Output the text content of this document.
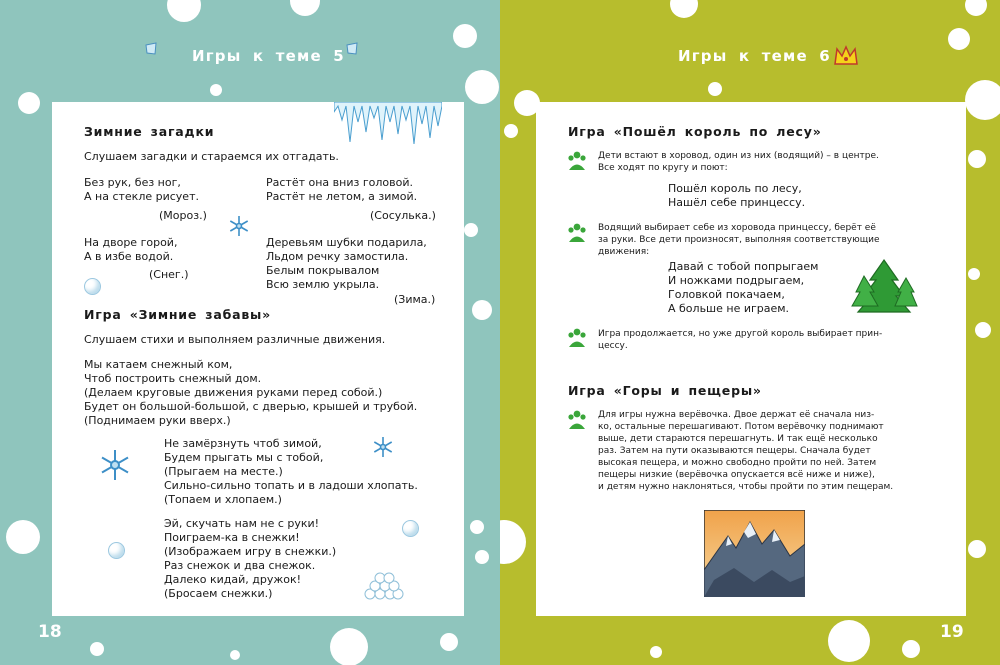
Игры к теме 5
18

Зимние загадки

Слушаем загадки и стараемся их отгадать.

Без рук, без ног,

А на стекле рисует.

(Мороз.)

Растёт она вниз головой.

Растёт не летом, а зимой.

(Сосулька.)

На дворе горой,

А в избе водой.

(Снег.)

Деревьям шубки подарила,

Льдом речку замостила.

Белым покрывалом

Всю землю укрыла.

(Зима.)

Игра «Зимние забавы»

Слушаем стихи и выполняем различные движения.

Мы катаем снежный ком,

Чтоб построить снежный дом.

(Делаем круговые движения руками перед собой.)

Будет он большой-большой, с дверью, крышей и трубой.

(Поднимаем руки вверх.)

Не замёрзнуть чтоб зимой,

Будем прыгать мы с тобой,

(Прыгаем на месте.)

Сильно-сильно топать и в ладоши хлопать.

(Топаем и хлопаем.)

Эй, скучать нам не с руки!

Поиграем-ка в снежки!

(Изображаем игру в снежки.)

Раз снежок и два снежок.

Далеко кидай, дружок!

(Бросаем снежки.)

Игры к теме 6
19

Игра «Пошёл король по лесу»

Дети встают в хоровод, один из них (водящий) – в центре.

Все ходят по кругу и поют:

Пошёл король по лесу,

Нашёл себе принцессу.

Водящий выбирает себе из хоровода принцессу, берёт её

за руки. Все дети произносят, выполняя соответствующие

движения:

Давай с тобой попрыгаем

И ножками подрыгаем,

Головкой покачаем,

А больше не играем.

Игра продолжается, но уже другой король выбирает прин-

цессу.

Игра «Горы и пещеры»

Для игры нужна верёвочка. Двое держат её сначала низ-

ко, остальные перешагивают. Потом верёвочку поднимают

выше, дети стараются перешагнуть. И так ещё несколько

раз. Затем на пути оказываются пещеры. Сначала будет

высокая пещера, и можно свободно пройти по ней. Затем

пещеры низкие (верёвочка опускается всё ниже и ниже),

и детям нужно наклоняться, чтобы пройти по этим пещерам.
